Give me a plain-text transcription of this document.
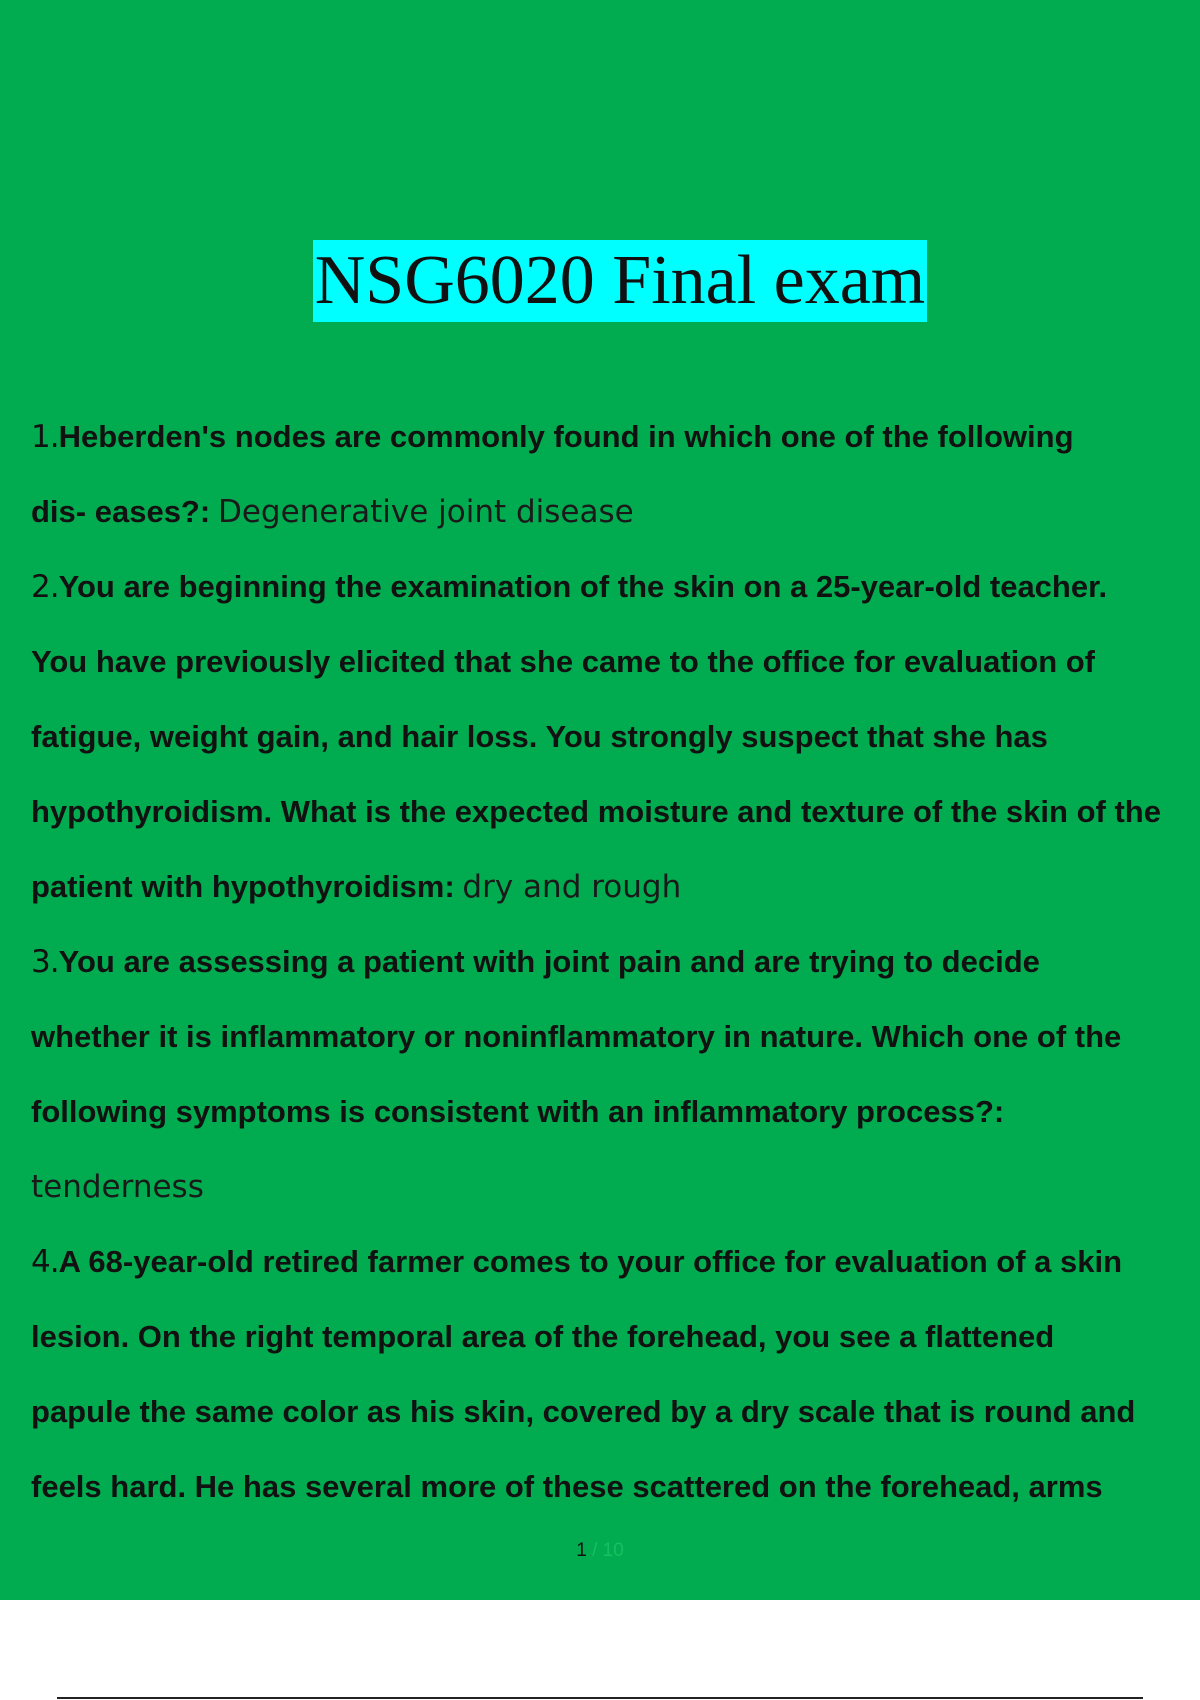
NSG6020 Final exam
1.Heberden's nodes are commonly found in which one of the following
dis- eases?: Degenerative joint disease
2.You are beginning the examination of the skin on a 25-year-old teacher.
You have previously elicited that she came to the office for evaluation of
fatigue, weight gain, and hair loss. You strongly suspect that she has
hypothyroidism. What is the expected moisture and texture of the skin of the
patient with hypothyroidism: dry and rough
3.You are assessing a patient with joint pain and are trying to decide
whether it is inflammatory or noninflammatory in nature. Which one of the
following symptoms is consistent with an inflammatory process?:
tenderness
4.A 68-year-old retired farmer comes to your office for evaluation of a skin
lesion. On the right temporal area of the forehead, you see a flattened
papule the same color as his skin, covered by a dry scale that is round and
feels hard. He has several more of these scattered on the forehead, arms
1 / 10
